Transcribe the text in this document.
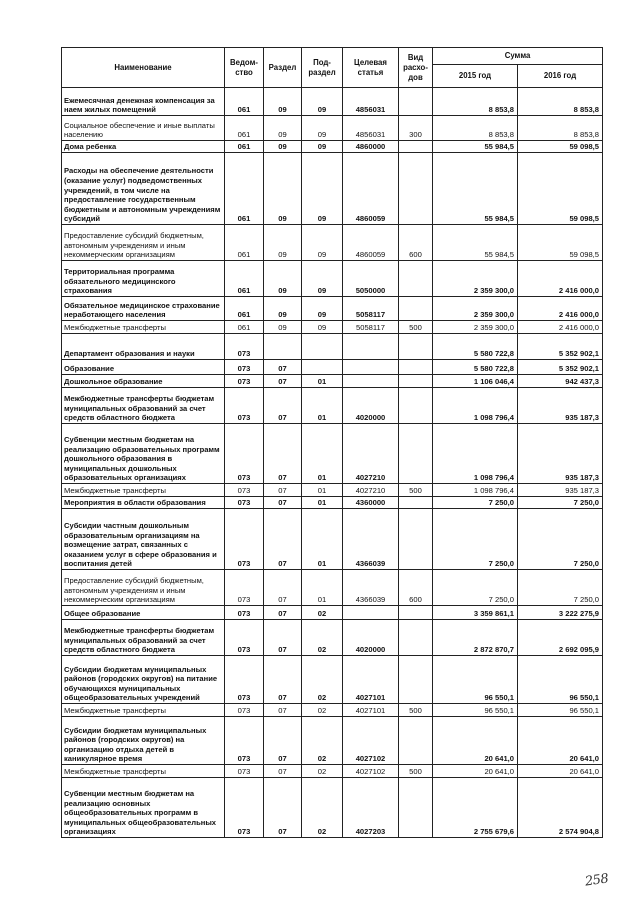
Наименование	Ведом-ство	Раздел	Под-раздел	Целевая статья	Вид расхо-дов	Сумма	
						2015 год	2016 год
Ежемесячная денежная компенсация за наем жилых помещений	061	09	09	4856031		8 853,8	8 853,8
Социальное обеспечение и иные выплаты населению	061	09	09	4856031	300	8 853,8	8 853,8
Дома ребенка	061	09	09	4860000		55 984,5	59 098,5
Расходы на обеспечение деятельности (оказание услуг) подведомственных учреждений, в том числе на предоставление государственным бюджетным и автономным учреждениям субсидий	061	09	09	4860059		55 984,5	59 098,5
Предоставление субсидий бюджетным, автономным учреждениям и иным некоммерческим организациям	061	09	09	4860059	600	55 984,5	59 098,5
Территориальная программа обязательного медицинского страхования	061	09	09	5050000		2 359 300,0	2 416 000,0
Обязательное медицинское страхование неработающего населения	061	09	09	5058117		2 359 300,0	2 416 000,0
Межбюджетные трансферты	061	09	09	5058117	500	2 359 300,0	2 416 000,0
Департамент образования и науки	073					5 580 722,8	5 352 902,1
Образование	073	07				5 580 722,8	5 352 902,1
Дошкольное образование	073	07	01			1 106 046,4	942 437,3
Межбюджетные трансферты бюджетам муниципальных образований за счет средств областного бюджета	073	07	01	4020000		1 098 796,4	935 187,3
Субвенции местным бюджетам на реализацию образовательных программ дошкольного образования в муниципальных дошкольных образовательных организациях	073	07	01	4027210		1 098 796,4	935 187,3
Межбюджетные трансферты	073	07	01	4027210	500	1 098 796,4	935 187,3
Мероприятия в области образования	073	07	01	4360000		7 250,0	7 250,0
Субсидии частным дошкольным образовательным организациям на возмещение затрат, связанных с оказанием услуг в сфере образования и воспитания детей	073	07	01	4366039		7 250,0	7 250,0
Предоставление субсидий бюджетным, автономным учреждениям и иным некоммерческим организациям	073	07	01	4366039	600	7 250,0	7 250,0
Общее образование	073	07	02			3 359 861,1	3 222 275,9
Межбюджетные трансферты бюджетам муниципальных образований за счет средств областного бюджета	073	07	02	4020000		2 872 870,7	2 692 095,9
Субсидии бюджетам муниципальных районов (городских округов) на питание обучающихся муниципальных общеобразовательных учреждений	073	07	02	4027101		96 550,1	96 550,1
Межбюджетные трансферты	073	07	02	4027101	500	96 550,1	96 550,1
Субсидии бюджетам муниципальных районов (городских округов) на организацию отдыха детей в каникулярное время	073	07	02	4027102		20 641,0	20 641,0
Межбюджетные трансферты	073	07	02	4027102	500	20 641,0	20 641,0
Субвенции местным бюджетам на реализацию основных общеобразовательных программ в муниципальных общеобразовательных организациях	073	07	02	4027203		2 755 679,6	2 574 904,8
258
